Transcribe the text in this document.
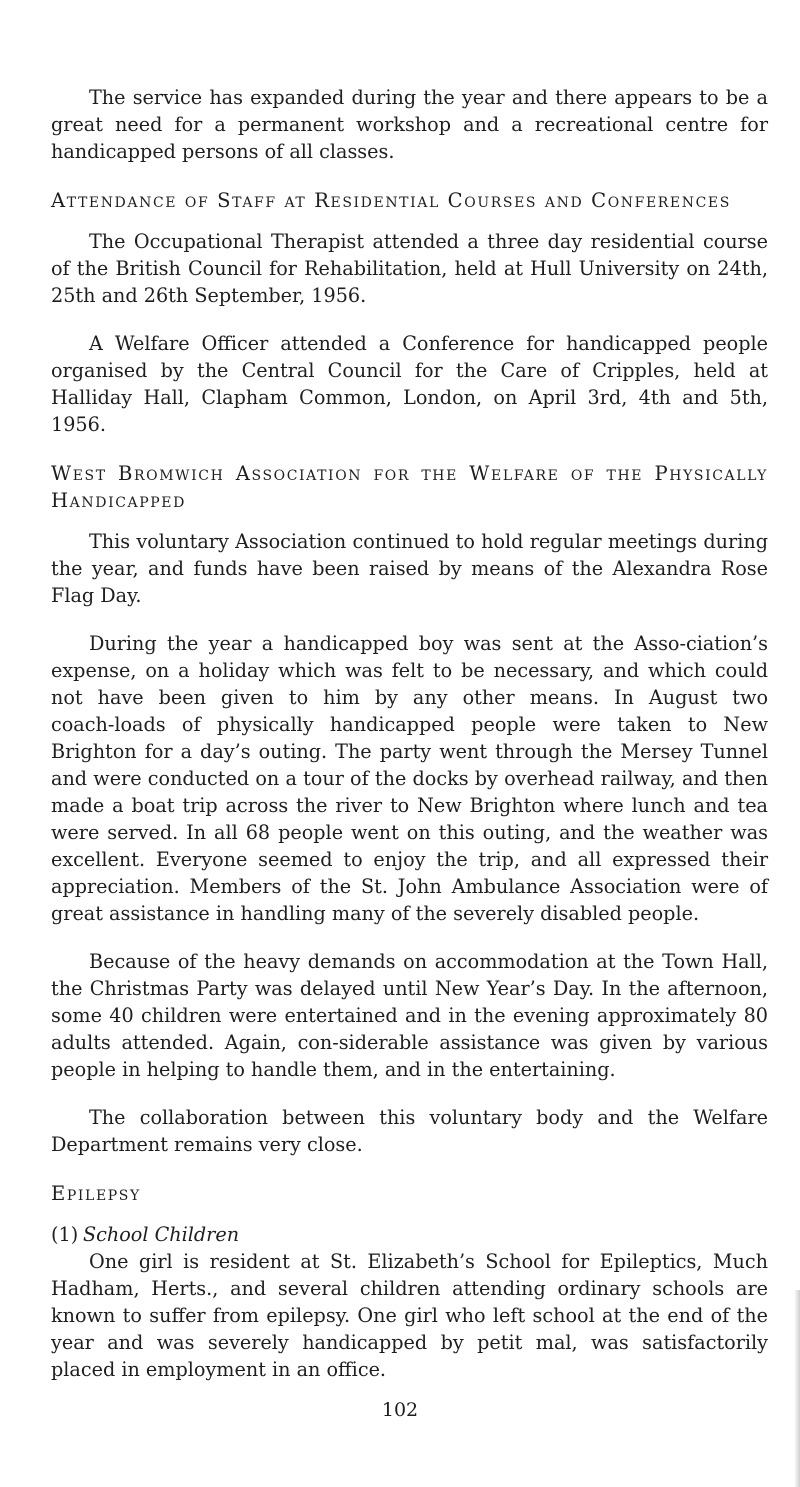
The service has expanded during the year and there appears to be a great need for a permanent workshop and a recreational centre for handicapped persons of all classes.

Attendance of Staff at Residential Courses and Conferences

The Occupational Therapist attended a three day residential course of the British Council for Rehabilitation, held at Hull University on 24th, 25th and 26th September, 1956.

A Welfare Officer attended a Conference for handicapped people organised by the Central Council for the Care of Cripples, held at Halliday Hall, Clapham Common, London, on April 3rd, 4th and 5th, 1956.

West Bromwich Association for the Welfare of the Physically Handicapped

This voluntary Association continued to hold regular meetings during the year, and funds have been raised by means of the Alexandra Rose Flag Day.

During the year a handicapped boy was sent at the Asso‑ciation’s expense, on a holiday which was felt to be necessary, and which could not have been given to him by any other means. In August two coach‑loads of physically handicapped people were taken to New Brighton for a day’s outing. The party went through the Mersey Tunnel and were conducted on a tour of the docks by overhead railway, and then made a boat trip across the river to New Brighton where lunch and tea were served. In all 68 people went on this outing, and the weather was excellent. Everyone seemed to enjoy the trip, and all expressed their appreciation. Members of the St. John Ambulance Association were of great assistance in handling many of the severely disabled people.

Because of the heavy demands on accommodation at the Town Hall, the Christmas Party was delayed until New Year’s Day. In the afternoon, some 40 children were entertained and in the evening approximately 80 adults attended. Again, con‑siderable assistance was given by various people in helping to handle them, and in the entertaining.

The collaboration between this voluntary body and the Welfare Department remains very close.

Epilepsy

(1) School Children

One girl is resident at St. Elizabeth’s School for Epileptics, Much Hadham, Herts., and several children attending ordinary schools are known to suffer from epilepsy. One girl who left school at the end of the year and was severely handicapped by petit mal, was satisfactorily placed in employment in an office.

102
